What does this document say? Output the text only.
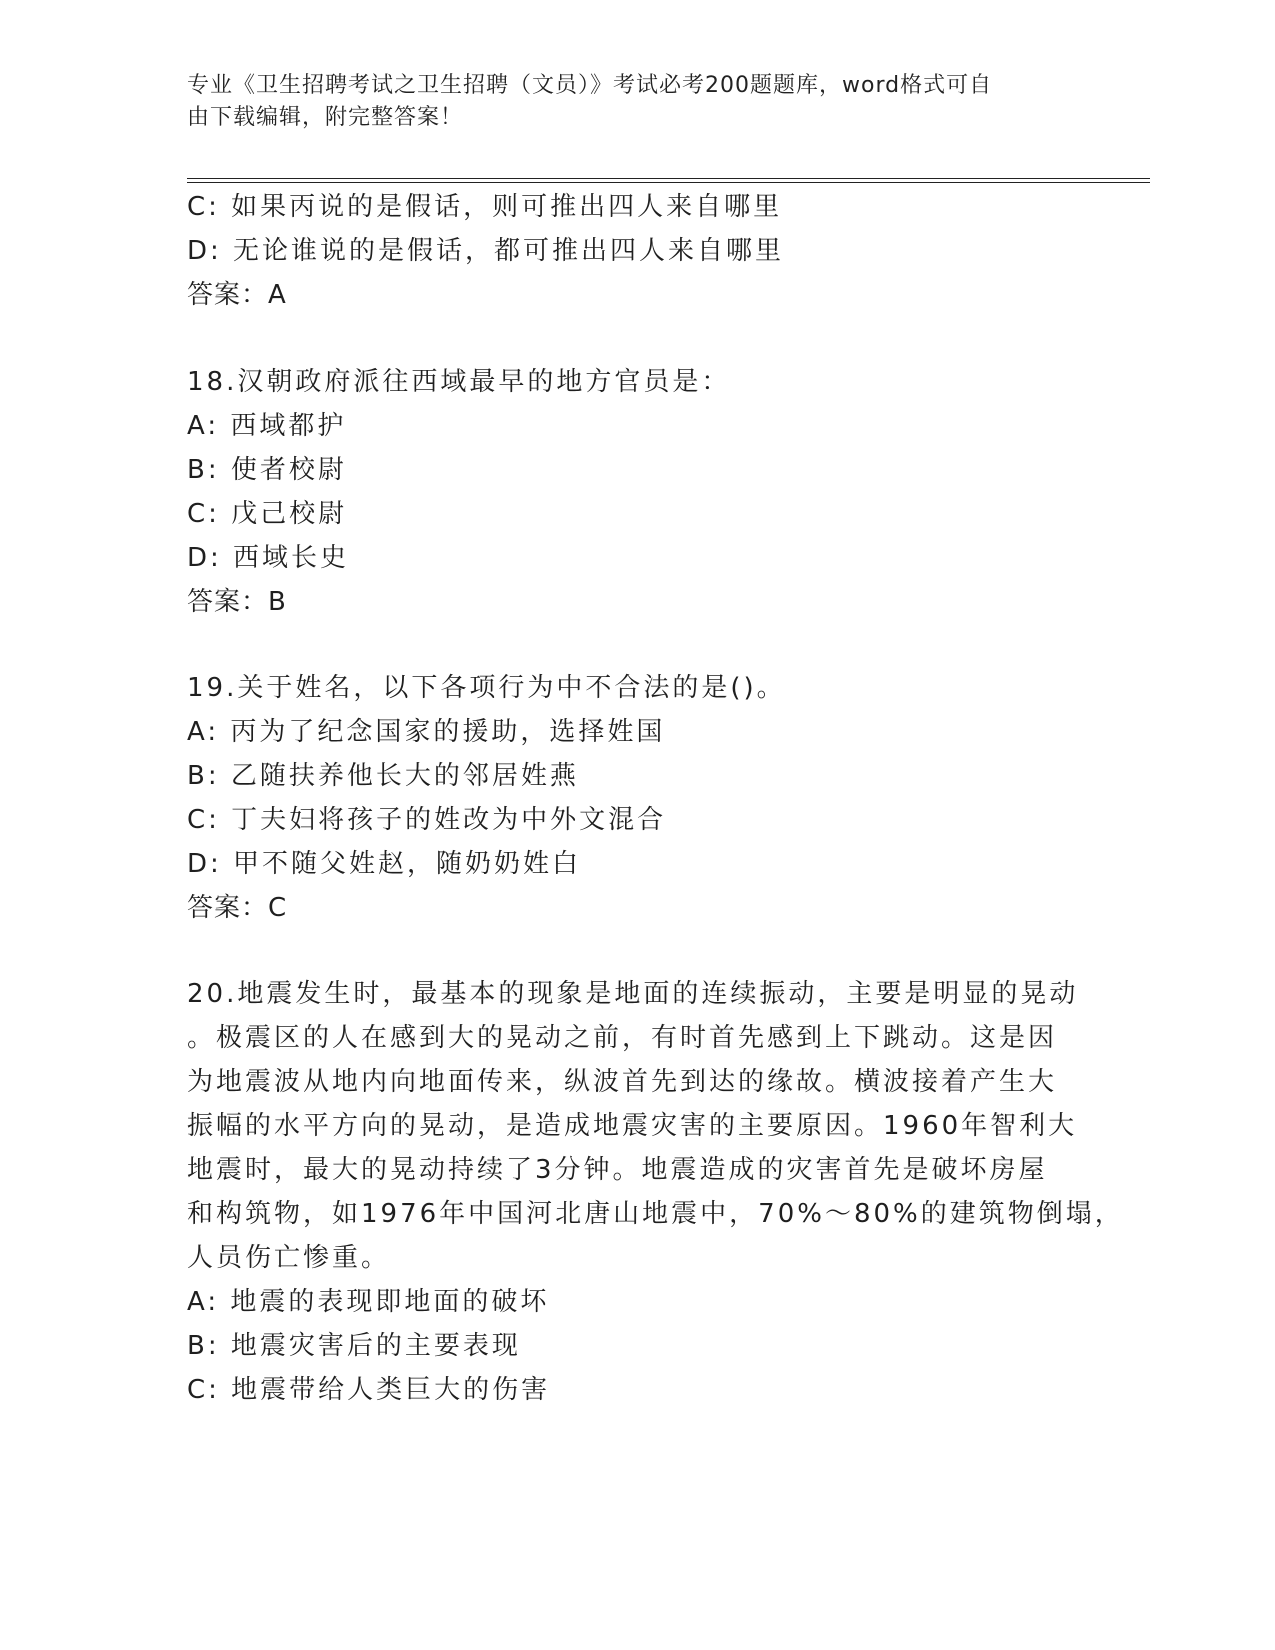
专业《卫生招聘考试之卫生招聘（文员）》考试必考200题题库，word格式可自
由下载编辑，附完整答案！
C: 如果丙说的是假话，则可推出四人来自哪里
D: 无论谁说的是假话，都可推出四人来自哪里
答案：A
18.汉朝政府派往西域最早的地方官员是：
A: 西域都护
B: 使者校尉
C: 戊己校尉
D: 西域长史
答案：B
19.关于姓名，以下各项行为中不合法的是()。
A: 丙为了纪念国家的援助，选择姓国
B: 乙随扶养他长大的邻居姓燕
C: 丁夫妇将孩子的姓改为中外文混合
D: 甲不随父姓赵，随奶奶姓白
答案：C
20.地震发生时，最基本的现象是地面的连续振动，主要是明显的晃动
。极震区的人在感到大的晃动之前，有时首先感到上下跳动。这是因
为地震波从地内向地面传来，纵波首先到达的缘故。横波接着产生大
振幅的水平方向的晃动，是造成地震灾害的主要原因。1960年智利大
地震时，最大的晃动持续了3分钟。地震造成的灾害首先是破坏房屋
和构筑物，如1976年中国河北唐山地震中，70%～80%的建筑物倒塌，
人员伤亡惨重。
A: 地震的表现即地面的破坏
B: 地震灾害后的主要表现
C: 地震带给人类巨大的伤害
